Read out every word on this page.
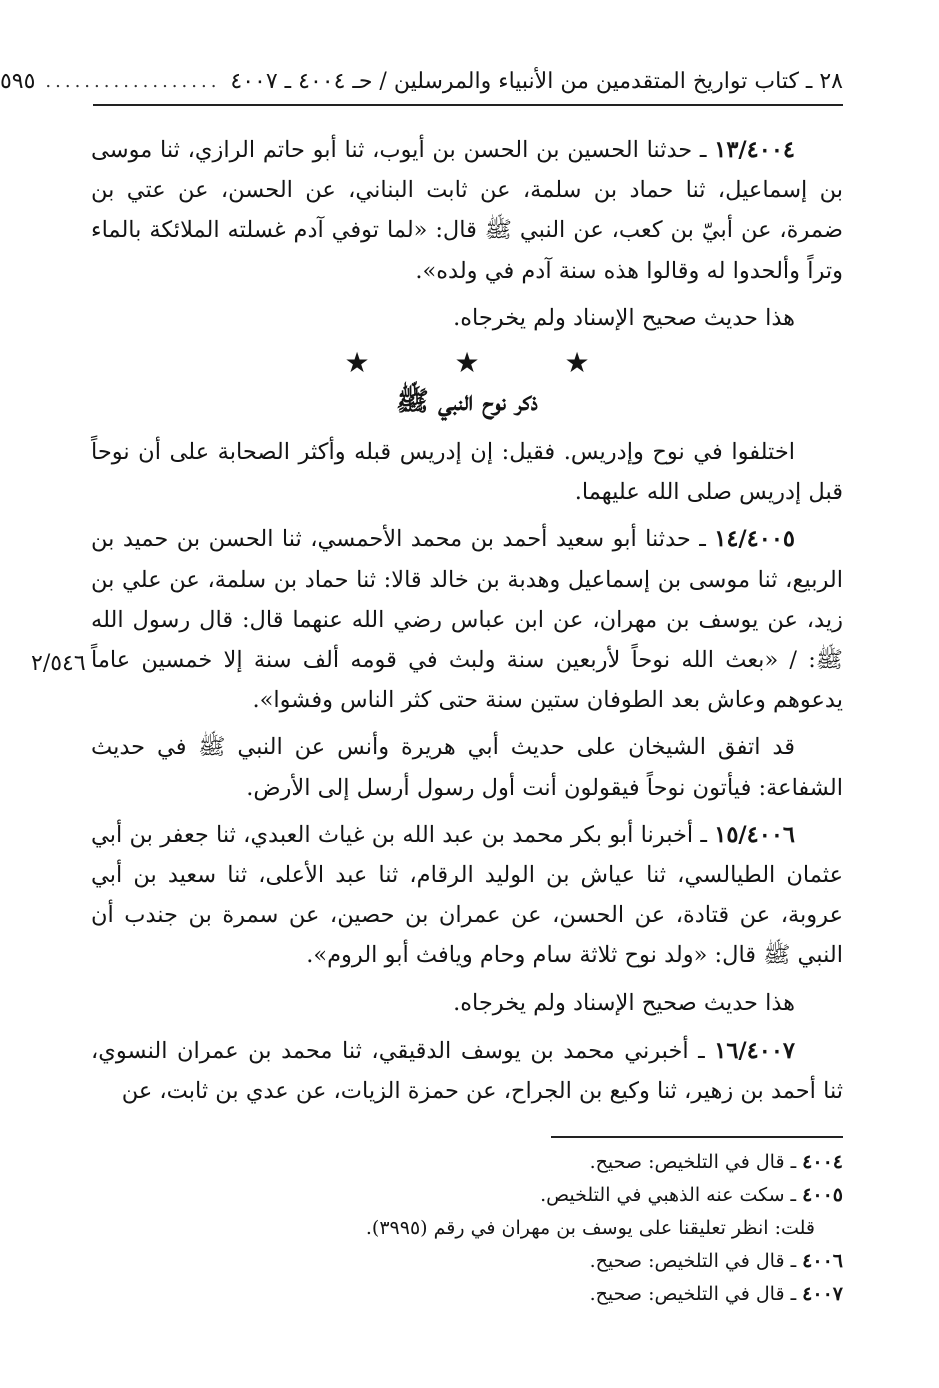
٢٨ ـ كتاب تواريخ المتقدمين من الأنبياء والمرسلين / حـ ٤٠٠٤ ـ ٤٠٠٧
..................
٥٩٥

١٣/٤٠٠٤ ـ حدثنا الحسين بن الحسن بن أيوب، ثنا أبو حاتم الرازي، ثنا موسى بن إسماعيل، ثنا حماد بن سلمة، عن ثابت البناني، عن الحسن، عن عتي بن ضمرة، عن أبيّ بن كعب، عن النبي ﷺ قال: «لما توفي آدم غسلته الملائكة بالماء وتراً وألحدوا له وقالوا هذه سنة آدم في ولده».

هذا حديث صحيح الإسناد ولم يخرجاه.

★ ★ ★
ذكر نوح النبي ﷺ

اختلفوا في نوح وإدريس. فقيل: إن إدريس قبله وأكثر الصحابة على أن نوحاً قبل إدريس صلى الله عليهما.

١٤/٤٠٠٥ ـ حدثنا أبو سعيد أحمد بن محمد الأحمسي، ثنا الحسن بن حميد بن الربيع، ثنا موسى بن إسماعيل وهدبة بن خالد قالا: ثنا حماد بن سلمة، عن علي بن زيد، عن يوسف بن مهران، عن ابن عباس رضي الله عنهما قال: قال رسول الله ﷺ: / «بعث الله نوحاً لأربعين سنة ولبث في قومه ألف سنة إلا خمسين عاماً يدعوهم وعاش بعد الطوفان ستين سنة حتى كثر الناس وفشوا».

قد اتفق الشيخان على حديث أبي هريرة وأنس عن النبي ﷺ في حديث الشفاعة: فيأتون نوحاً فيقولون أنت أول رسول أرسل إلى الأرض.

١٥/٤٠٠٦ ـ أخبرنا أبو بكر محمد بن عبد الله بن غياث العبدي، ثنا جعفر بن أبي عثمان الطيالسي، ثنا عياش بن الوليد الرقام، ثنا عبد الأعلى، ثنا سعيد بن أبي عروبة، عن قتادة، عن الحسن، عن عمران بن حصين، عن سمرة بن جندب أن النبي ﷺ قال: «ولد نوح ثلاثة سام وحام ويافث أبو الروم».

هذا حديث صحيح الإسناد ولم يخرجاه.

١٦/٤٠٠٧ ـ أخبرني محمد بن يوسف الدقيقي، ثنا محمد بن عمران النسوي، ثنا أحمد بن زهير، ثنا وكيع بن الجراح، عن حمزة الزيات، عن عدي بن ثابت، عن

٢/٥٤٦
٤٠٠٤ ـ قال في التلخيص: صحيح.
٤٠٠٥ ـ سكت عنه الذهبي في التلخيص.
قلت: انظر تعليقنا على يوسف بن مهران في رقم (٣٩٩٥).
٤٠٠٦ ـ قال في التلخيص: صحيح.
٤٠٠٧ ـ قال في التلخيص: صحيح.
